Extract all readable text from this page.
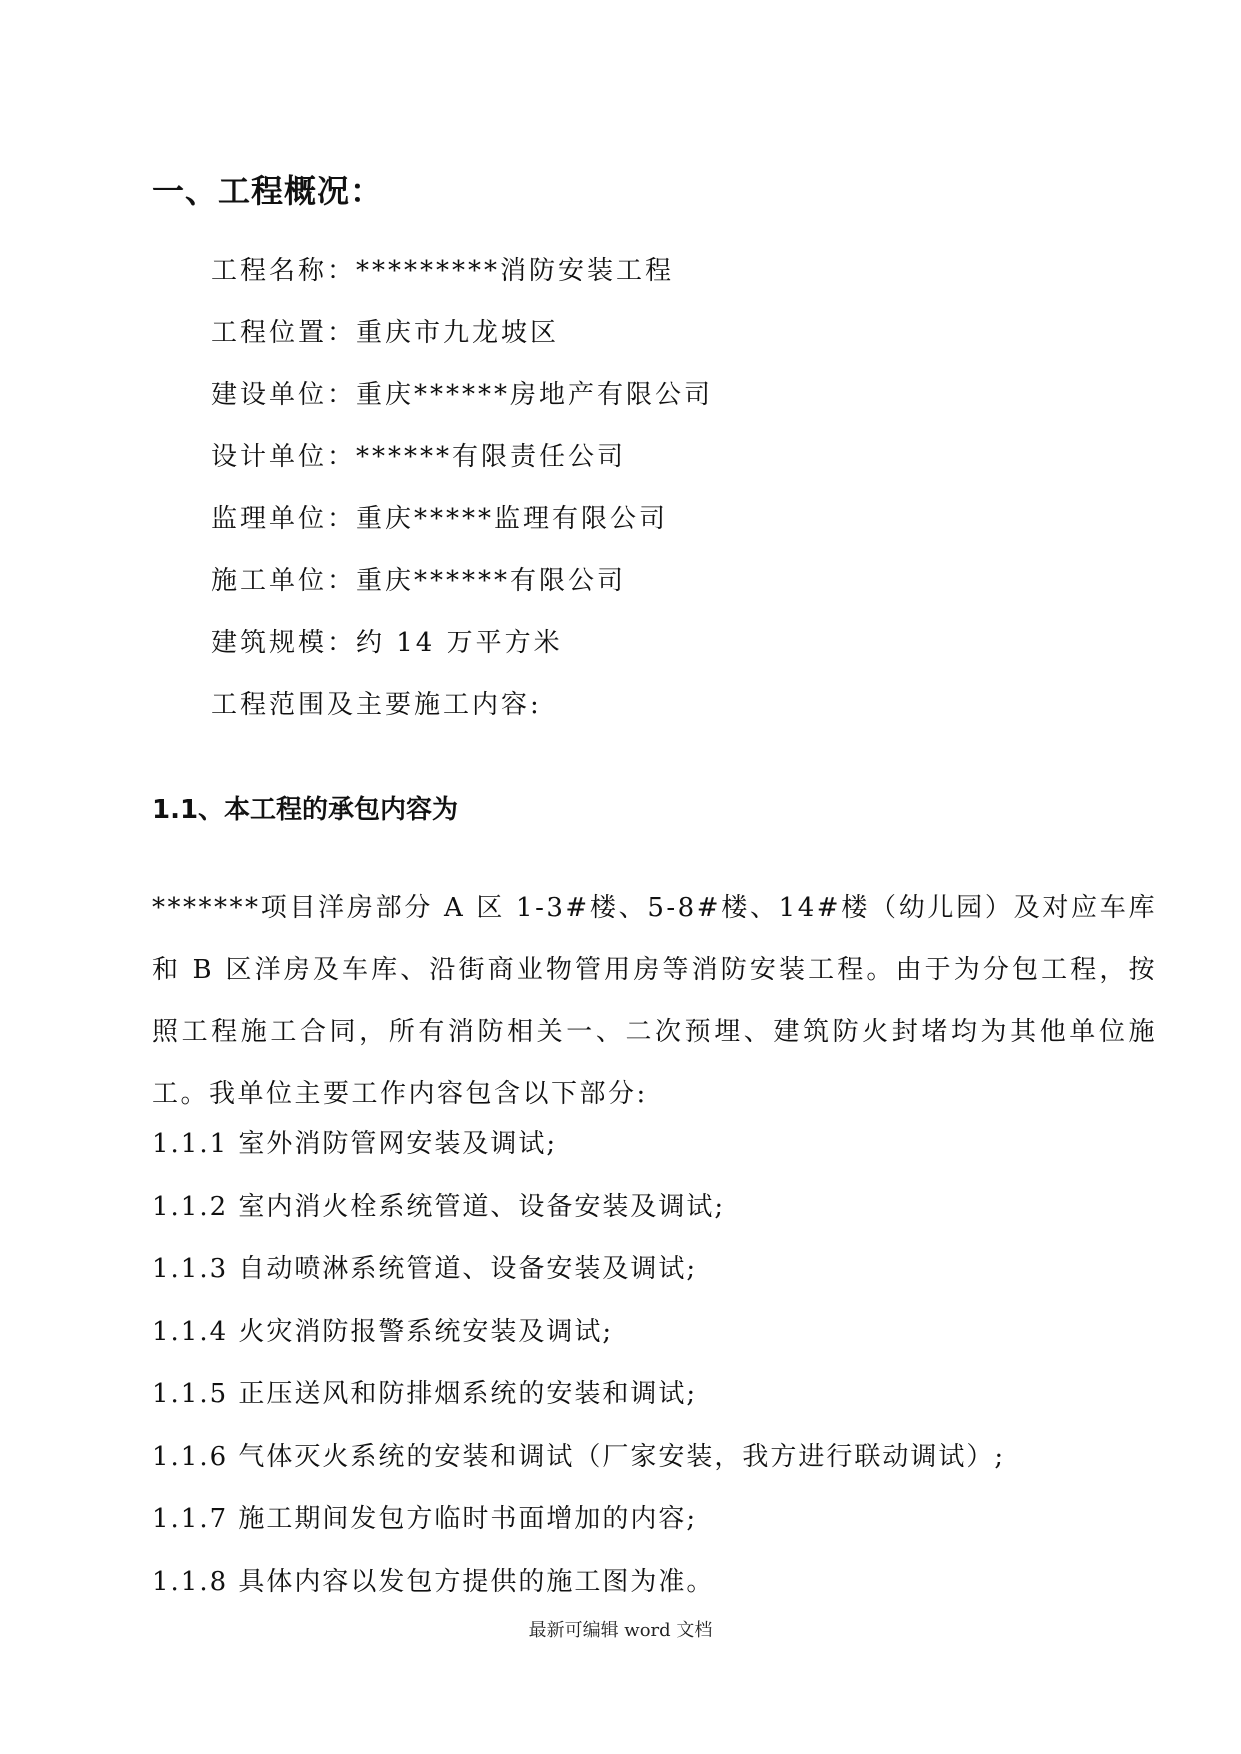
一、工程概况：
工程名称：*********消防安装工程
工程位置：重庆市九龙坡区
建设单位：重庆******房地产有限公司
设计单位：******有限责任公司
监理单位：重庆*****监理有限公司
施工单位：重庆******有限公司
建筑规模：约 14 万平方米
工程范围及主要施工内容:
1.1、本工程的承包内容为

*******项目洋房部分 A 区 1-3#楼、5-8#楼、14#楼（幼儿园）及对应车库和 B 区洋房及车库、沿街商业物管用房等消防安装工程。由于为分包工程，按照工程施工合同，所有消防相关一、二次预埋、建筑防火封堵均为其他单位施工。我单位主要工作内容包含以下部分:

1.1.1 室外消防管网安装及调试;
1.1.2 室内消火栓系统管道、设备安装及调试;
1.1.3 自动喷淋系统管道、设备安装及调试;
1.1.4 火灾消防报警系统安装及调试;
1.1.5 正压送风和防排烟系统的安装和调试;
1.1.6 气体灭火系统的安装和调试（厂家安装，我方进行联动调试）;
1.1.7 施工期间发包方临时书面增加的内容;
1.1.8 具体内容以发包方提供的施工图为准。
最新可编辑 word 文档
